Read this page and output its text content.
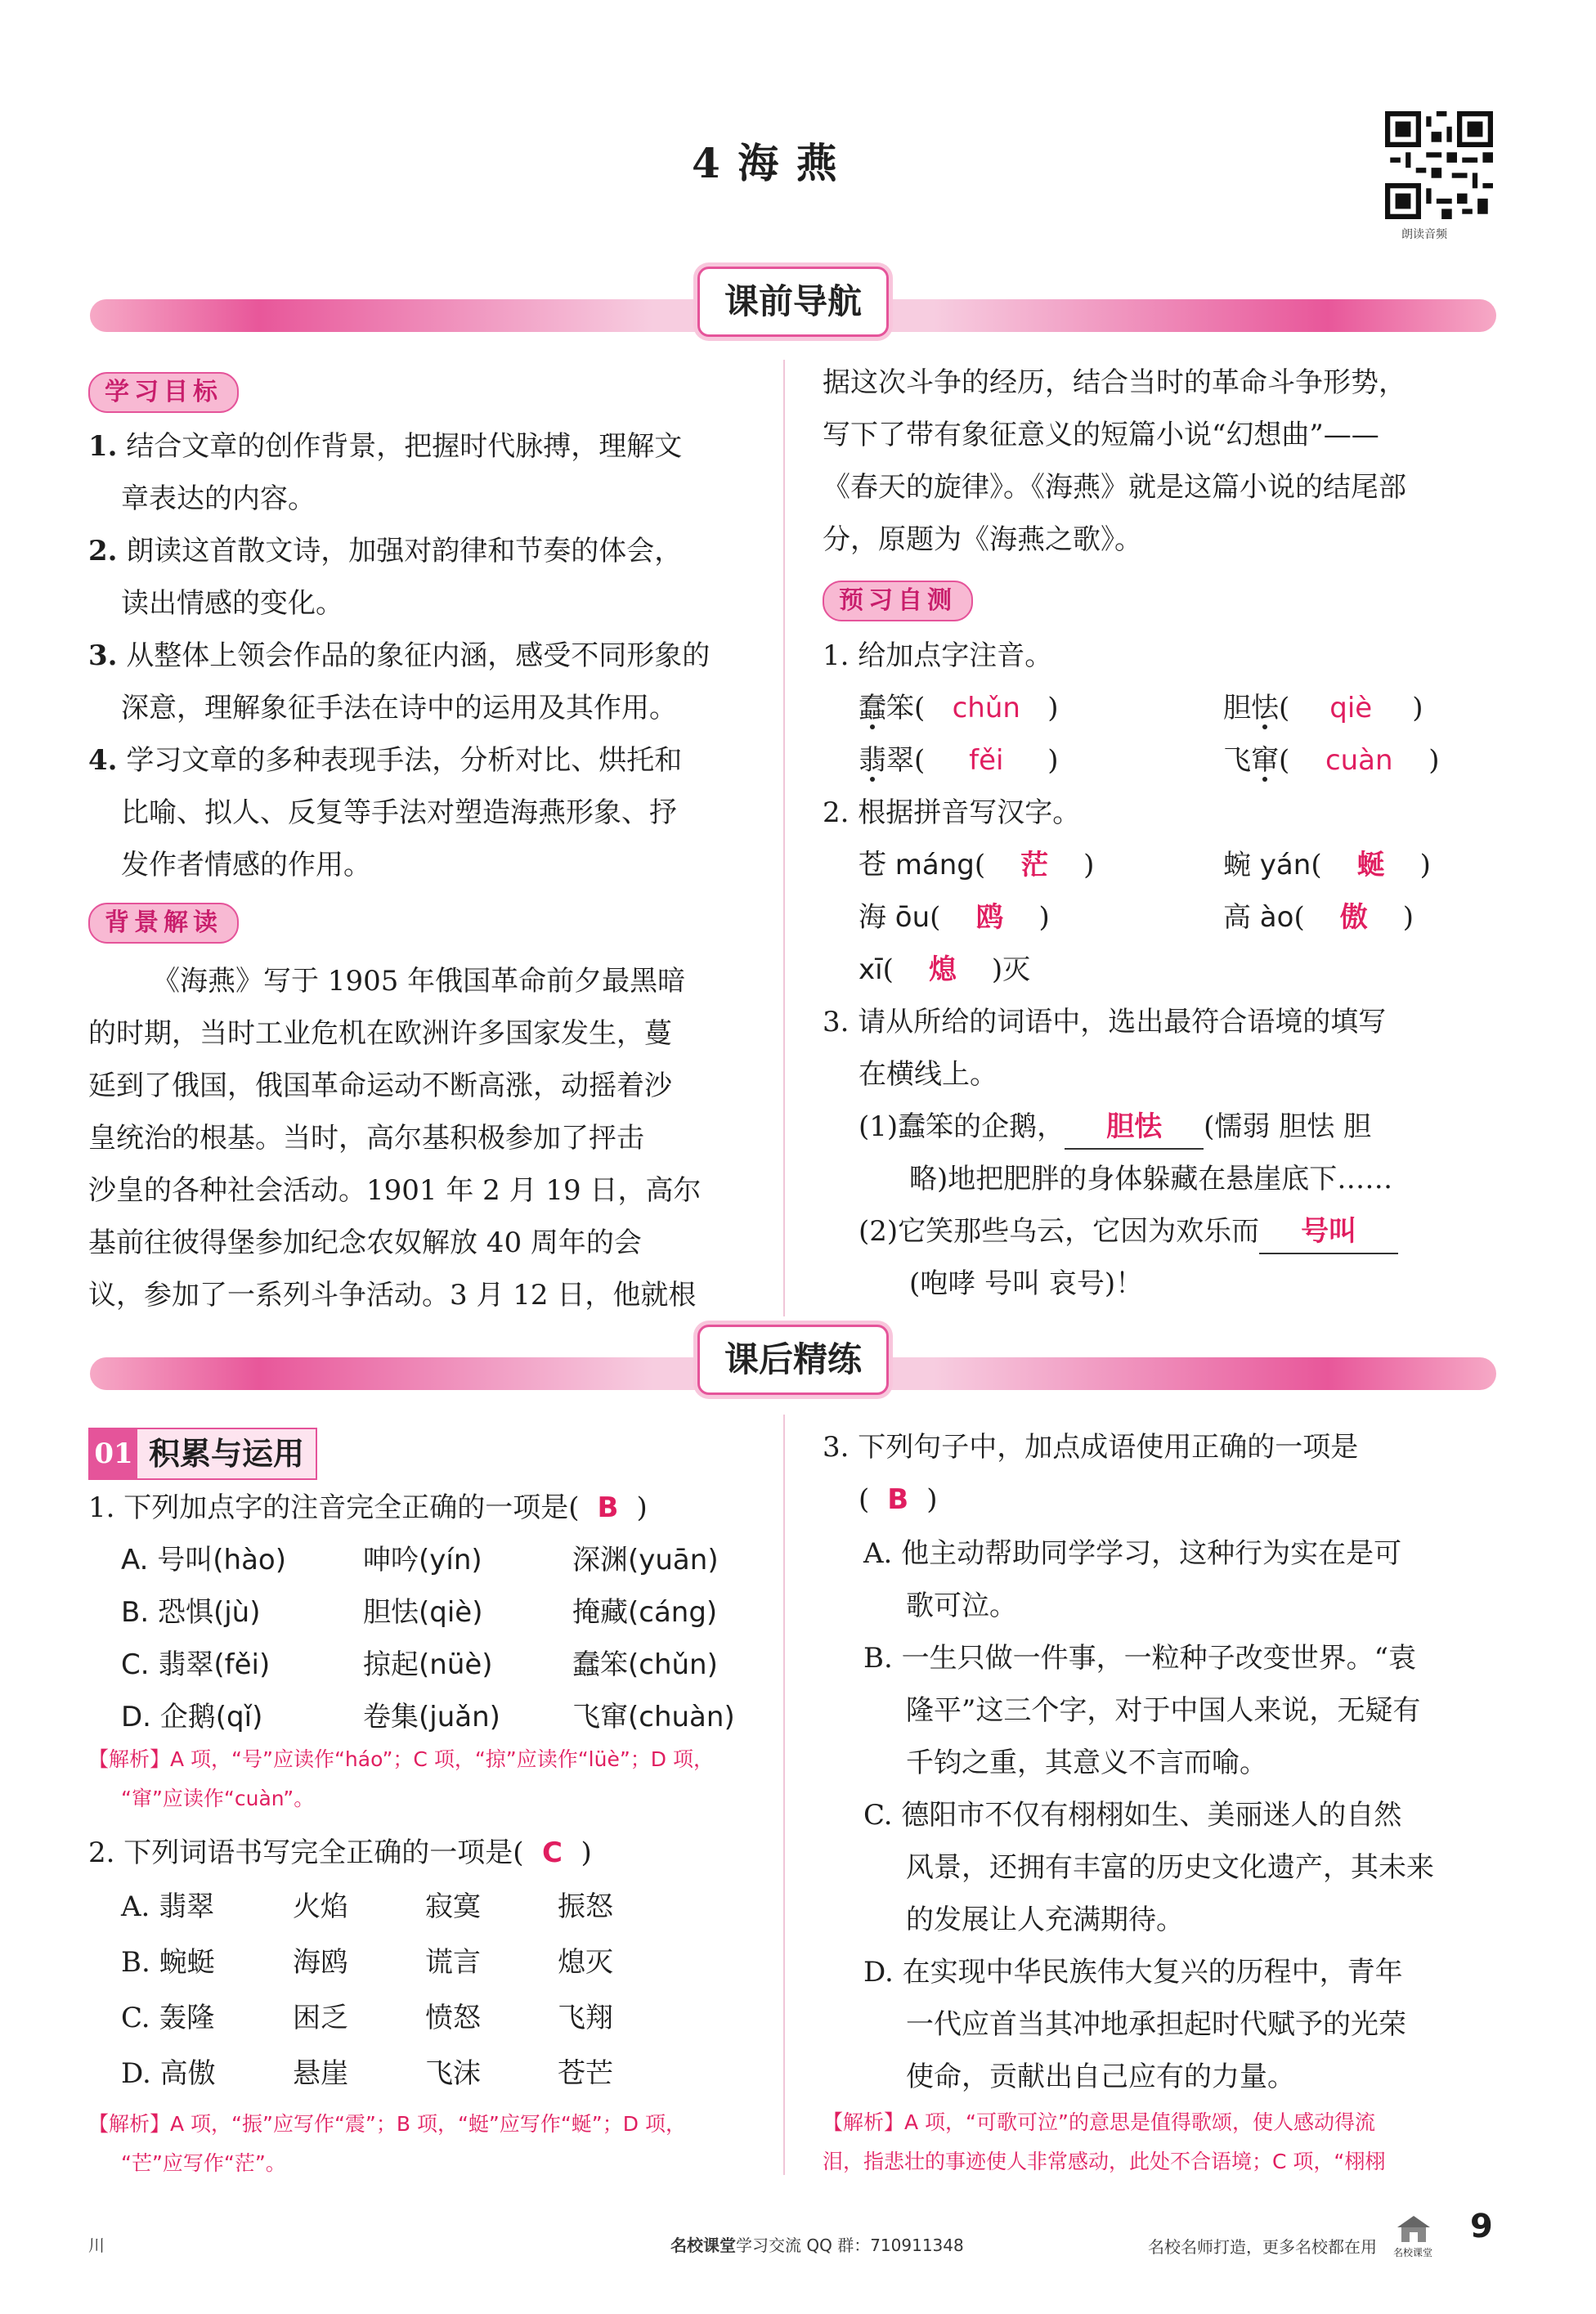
4 海 燕
朗读音频
课前导航
学习目标
1. 结合文章的创作背景，把握时代脉搏，理解文
章表达的内容。
2. 朗读这首散文诗，加强对韵律和节奏的体会，
读出情感的变化。
3. 从整体上领会作品的象征内涵，感受不同形象的
深意，理解象征手法在诗中的运用及其作用。
4. 学习文章的多种表现手法，分析对比、烘托和
比喻、拟人、反复等手法对塑造海燕形象、抒
发作者情感的作用。
背景解读
《海燕》写于 1905 年俄国革命前夕最黑暗
的时期，当时工业危机在欧洲许多国家发生，蔓
延到了俄国，俄国革命运动不断高涨，动摇着沙
皇统治的根基。当时，高尔基积极参加了抨击
沙皇的各种社会活动。1901 年 2 月 19 日，高尔
基前往彼得堡参加纪念农奴解放 40 周年的会
议，参加了一系列斗争活动。3 月 12 日，他就根
据这次斗争的经历，结合当时的革命斗争形势，
写下了带有象征意义的短篇小说“幻想曲”——
《春天的旋律》。《海燕》就是这篇小说的结尾部
分，原题为《海燕之歌》。
预习自测
1. 给加点字注音。
蠢笨( chǔn )	胆怯( qiè )
翡翠( fěi )	飞窜( cuàn )
2. 根据拼音写汉字。
苍 máng( 茫 )	蜿 yán( 蜒 )
海 ōu( 鸥 )	高 ào( 傲 )
xī( 熄 )灭
3. 请从所给的词语中，选出最符合语境的填写
在横线上。
(1)蠢笨的企鹅， 胆怯 (懦弱 胆怯 胆
略)地把肥胖的身体躲藏在悬崖底下……
(2)它笑那些乌云，它因为欢乐而 号叫
(咆哮 号叫 哀号)！
课后精练
01 积累与运用
1. 下列加点字的注音完全正确的一项是( B )
A. 号叫(hào)	呻吟(yín)	深渊(yuān)
B. 恐惧(jù)	胆怯(qiè)	掩藏(cáng)
C. 翡翠(fěi)	掠起(nüè)	蠢笨(chǔn)
D. 企鹅(qǐ)	卷集(juǎn)	飞窜(chuàn)
【解析】A 项，“号”应读作“háo”；C 项，“掠”应读作“lüè”；D 项，
“窜”应读作“cuàn”。
2. 下列词语书写完全正确的一项是( C )
A. 翡翠	火焰	寂寞	振怒
B. 蜿蜓	海鸥	谎言	熄灭
C. 轰隆	困乏	愤怒	飞翔
D. 高傲	悬崖	飞沫	苍芒
【解析】A 项，“振”应写作“震”；B 项，“蜓”应写作“蜒”；D 项，
“芒”应写作“茫”。
3. 下列句子中，加点成语使用正确的一项是
( B )
A. 他主动帮助同学学习，这种行为实在是可
歌可泣。
B. 一生只做一件事，一粒种子改变世界。“袁
隆平”这三个字，对于中国人来说，无疑有
千钧之重，其意义不言而喻。
C. 德阳市不仅有栩栩如生、美丽迷人的自然
风景，还拥有丰富的历史文化遗产，其未来
的发展让人充满期待。
D. 在实现中华民族伟大复兴的历程中，青年
一代应首当其冲地承担起时代赋予的光荣
使命，贡献出自己应有的力量。
【解析】A 项，“可歌可泣”的意思是值得歌颂，使人感动得流
泪，指悲壮的事迹使人非常感动，此处不合语境；C 项，“栩栩
川	名校课堂学习交流 QQ 群：710911348	名校名师打造，更多名校都在用 名校课堂
9
